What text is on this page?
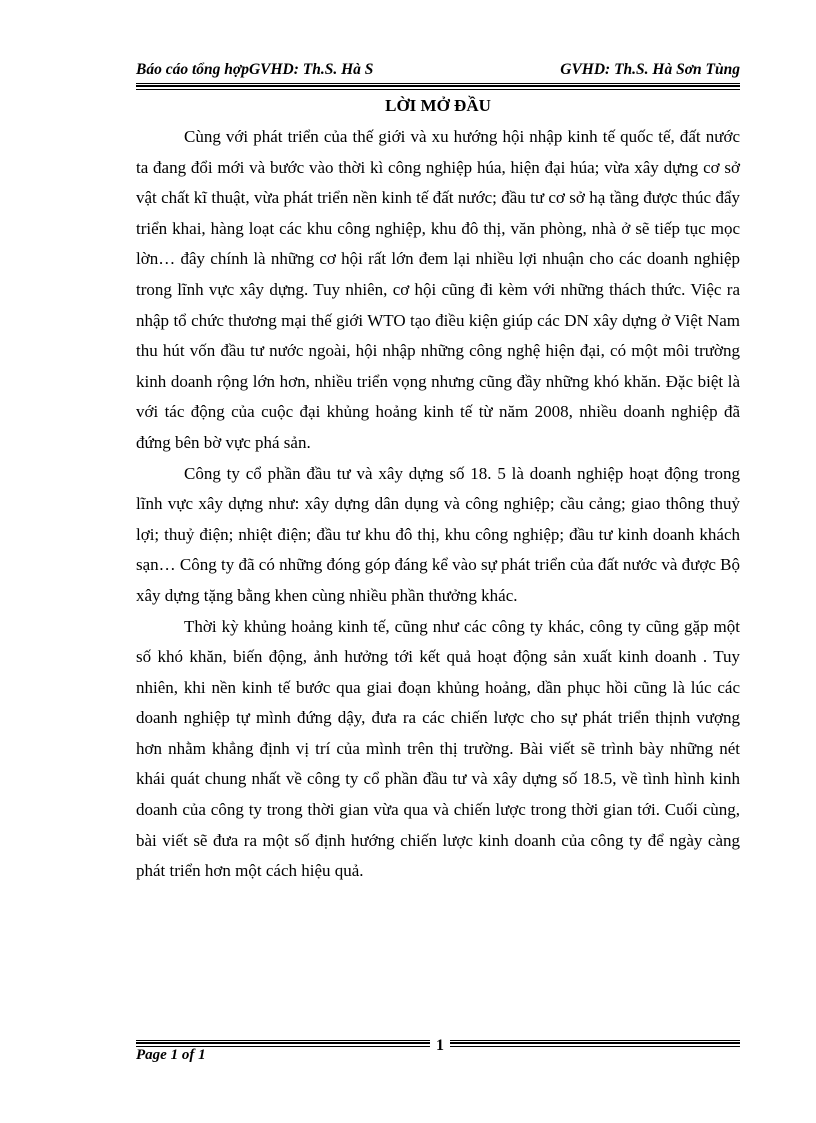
Báo cáo tổng hợpGVHD: Th.S. Hà S	GVHD: Th.S. Hà Sơn Tùng
LỜI MỞ ĐẦU

Cùng với phát triển của thế giới và xu hướng hội nhập kinh tế quốc tế, đất nước ta đang đổi mới và bước vào thời kì công nghiệp húa, hiện đại húa; vừa xây dựng cơ sở vật chất kĩ thuật, vừa phát triển nền kinh tế đất nước; đầu tư cơ sở hạ tầng được thúc đẩy triển khai, hàng loạt các khu công nghiệp, khu đô thị, văn phòng, nhà ở sẽ tiếp tục mọc lờn… đây chính là những cơ hội rất lớn đem lại nhiều lợi nhuận cho các doanh nghiệp trong lĩnh vực xây dựng. Tuy nhiên, cơ hội cũng đi kèm với những thách thức. Việc ra nhập tổ chức thương mại thế giới WTO tạo điều kiện giúp các DN xây dựng ở Việt Nam thu hút vốn đầu tư nước ngoài, hội nhập những công nghệ hiện đại, có một môi trường kinh doanh rộng lớn hơn, nhiều triển vọng nhưng cũng đầy những khó khăn. Đặc biệt là với tác động của cuộc đại khủng hoảng kinh tế từ năm 2008, nhiều doanh nghiệp đã đứng bên bờ vực phá sản.

Công ty cổ phần đầu tư và xây dựng số 18. 5 là doanh nghiệp hoạt động trong lĩnh vực xây dựng như: xây dựng dân dụng và công nghiệp; cầu cảng; giao thông thuỷ lợi; thuỷ điện; nhiệt điện; đầu tư khu đô thị, khu công nghiệp; đầu tư kinh doanh khách sạn… Công ty đã có những đóng góp đáng kể vào sự phát triển của đất nước và được Bộ xây dựng tặng bằng khen cùng nhiều phần thưởng khác.

Thời kỳ khủng hoảng kinh tế, cũng như các công ty khác, công ty cũng gặp một số khó khăn, biến động, ảnh hưởng tới kết quả hoạt động sản xuất kinh doanh . Tuy nhiên, khi nền kinh tế bước qua giai đoạn khủng hoảng, dần phục hồi cũng là lúc các doanh nghiệp tự mình đứng dậy, đưa ra các chiến lược cho sự phát triển thịnh vượng hơn nhằm khẳng định vị trí của mình trên thị trường. Bài viết sẽ trình bày những nét khái quát chung nhất về công ty cổ phần đầu tư và xây dựng số 18.5, về tình hình kinh doanh của công ty trong thời gian vừa qua và chiến lược trong thời gian tới. Cuối cùng, bài viết sẽ đưa ra một số định hướng chiến lược kinh doanh của công ty để ngày càng phát triển hơn một cách hiệu quả.

Page 1 of 1
1
